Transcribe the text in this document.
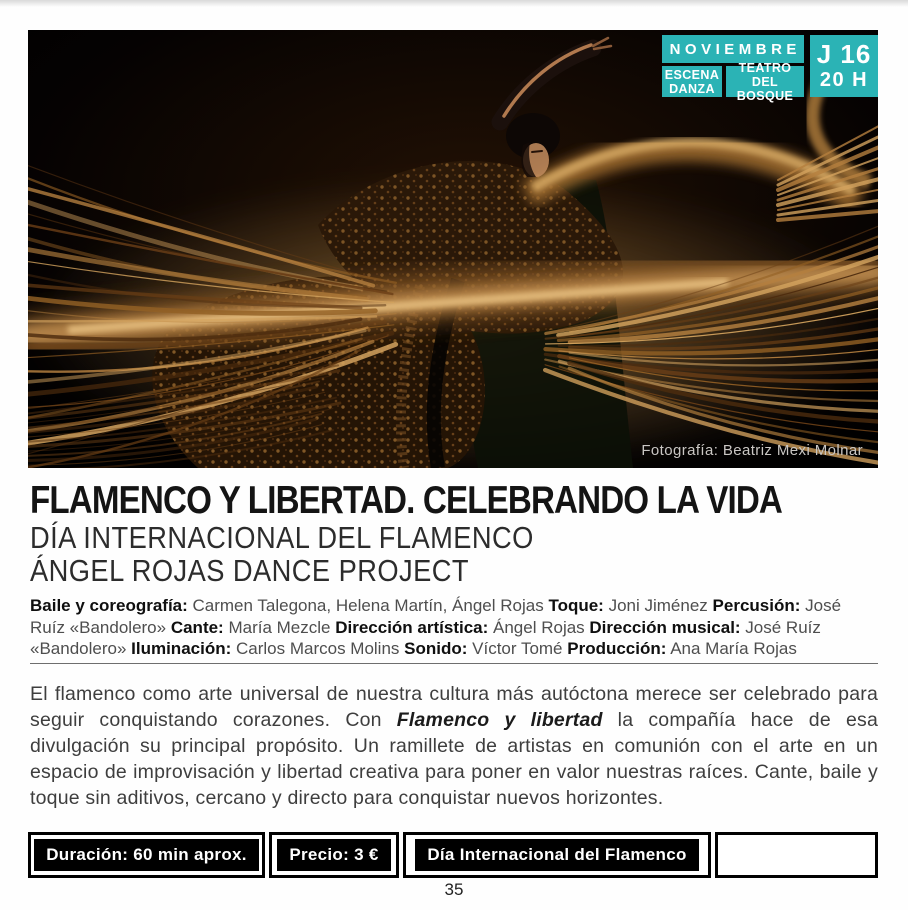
NOVIEMBRE
ESCENA
DANZA
TEATRO DEL
BOSQUE
J 16
20 H
Fotografía: Beatriz Mexi Molnar
FLAMENCO Y LIBERTAD. CELEBRANDO LA VIDA
DÍA INTERNACIONAL DEL FLAMENCO
ÁNGEL ROJAS DANCE PROJECT

Baile y coreografía: Carmen Talegona, Helena Martín, Ángel Rojas Toque: Joni Jiménez Percusión: José Ruíz «Bandolero» Cante: María Mezcle Dirección artística: Ángel Rojas Dirección musical: José Ruíz «Bandolero» Iluminación: Carlos Marcos Molins Sonido: Víctor Tomé Producción: Ana María Rojas

El flamenco como arte universal de nuestra cultura más autóctona merece ser celebrado para seguir conquistando corazones. Con Flamenco y libertad la compañía hace de esa divulgación su principal propósito. Un ramillete de artistas en comunión con el arte en un espacio de improvisación y libertad creativa para poner en valor nuestras raíces. Cante, baile y toque sin aditivos, cercano y directo para conquistar nuevos horizontes.

Duración: 60 min aprox.	Precio: 3 €	Día Internacional del Flamenco
35
